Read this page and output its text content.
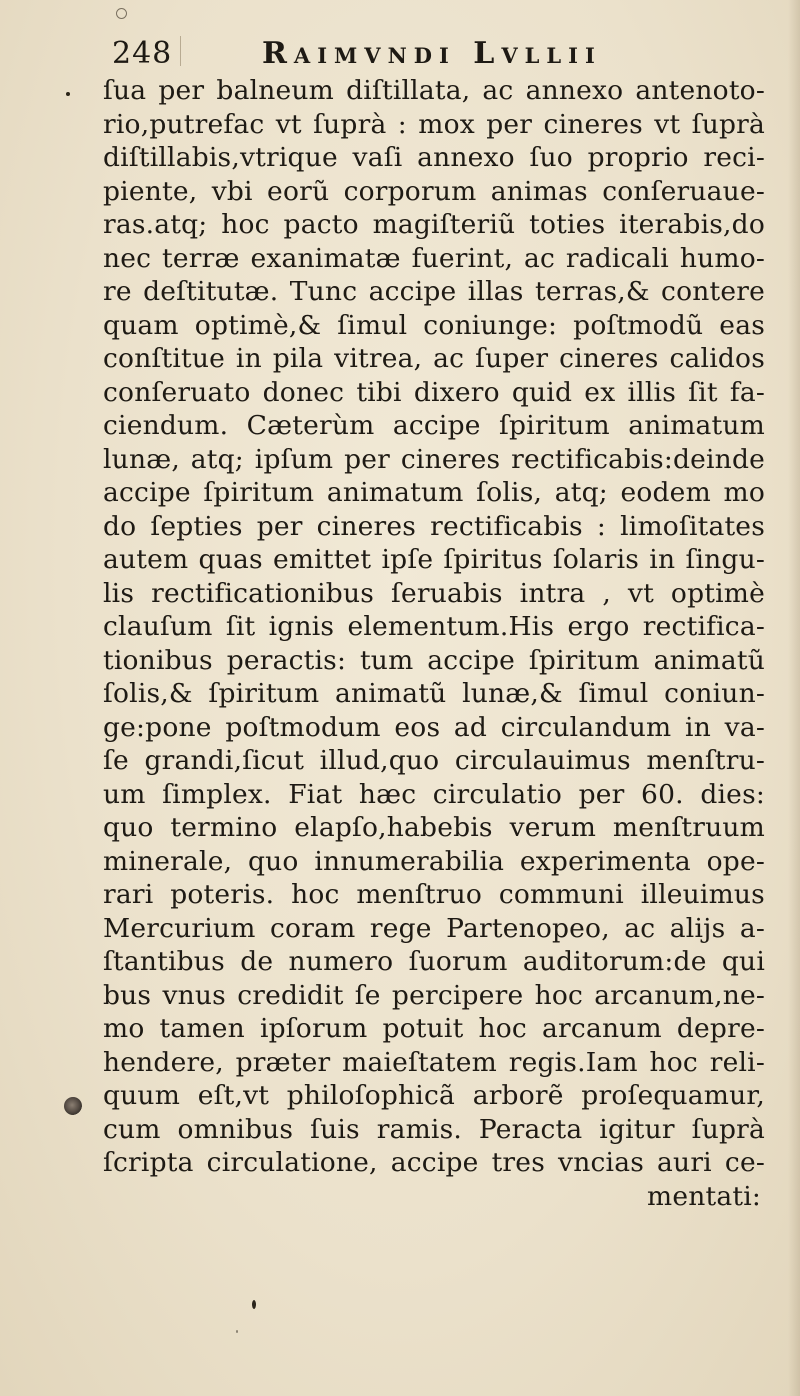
248	Raimvndi Lvllii
ſua per balneum diſtillata, ac annexo antenoto-
rio,putrefac vt ſuprà : mox per cineres vt ſuprà
diſtillabis,vtrique vaſi annexo ſuo proprio reci-
piente, vbi eorũ corporum animas conſeruaue-
ras.atq; hoc pacto magiſteriũ toties iterabis,do
nec terræ exanimatæ fuerint, ac radicali humo-
re deſtitutæ. Tunc accipe illas terras,& contere
quam optimè,& ſimul coniunge: poſtmodũ eas
conſtitue in pila vitrea, ac ſuper cineres calidos
conſeruato donec tibi dixero quid ex illis ſit fa-
ciendum. Cæterùm accipe ſpiritum animatum
lunæ, atq; ipſum per cineres rectificabis:deinde
accipe ſpiritum animatum ſolis, atq; eodem mo
do ſepties per cineres rectificabis : limoſitates
autem quas emittet ipſe ſpiritus ſolaris in ſingu-
lis rectificationibus ſeruabis intra , vt optimè
clauſum ſit ignis elementum.His ergo rectifica-
tionibus peractis: tum accipe ſpiritum animatũ
ſolis,& ſpiritum animatũ lunæ,& ſimul coniun-
ge:pone poſtmodum eos ad circulandum in va-
ſe grandi,ſicut illud,quo circulauimus menſtru-
um ſimplex. Fiat hæc circulatio per 60. dies:
quo termino elapſo,habebis verum menſtruum
minerale, quo innumerabilia experimenta ope-
rari poteris. hoc menſtruo communi illeuimus
Mercurium coram rege Partenopeo, ac alijs a-
ſtantibus de numero ſuorum auditorum:de qui
bus vnus credidit ſe percipere hoc arcanum,ne-
mo tamen ipſorum potuit hoc arcanum depre-
hendere, præter maieſtatem regis.Iam hoc reli-
quum eſt,vt philoſophicã arborẽ proſequamur,
cum omnibus ſuis ramis. Peracta igitur ſuprà
ſcripta circulatione, accipe tres vncias auri ce-
mentati:
